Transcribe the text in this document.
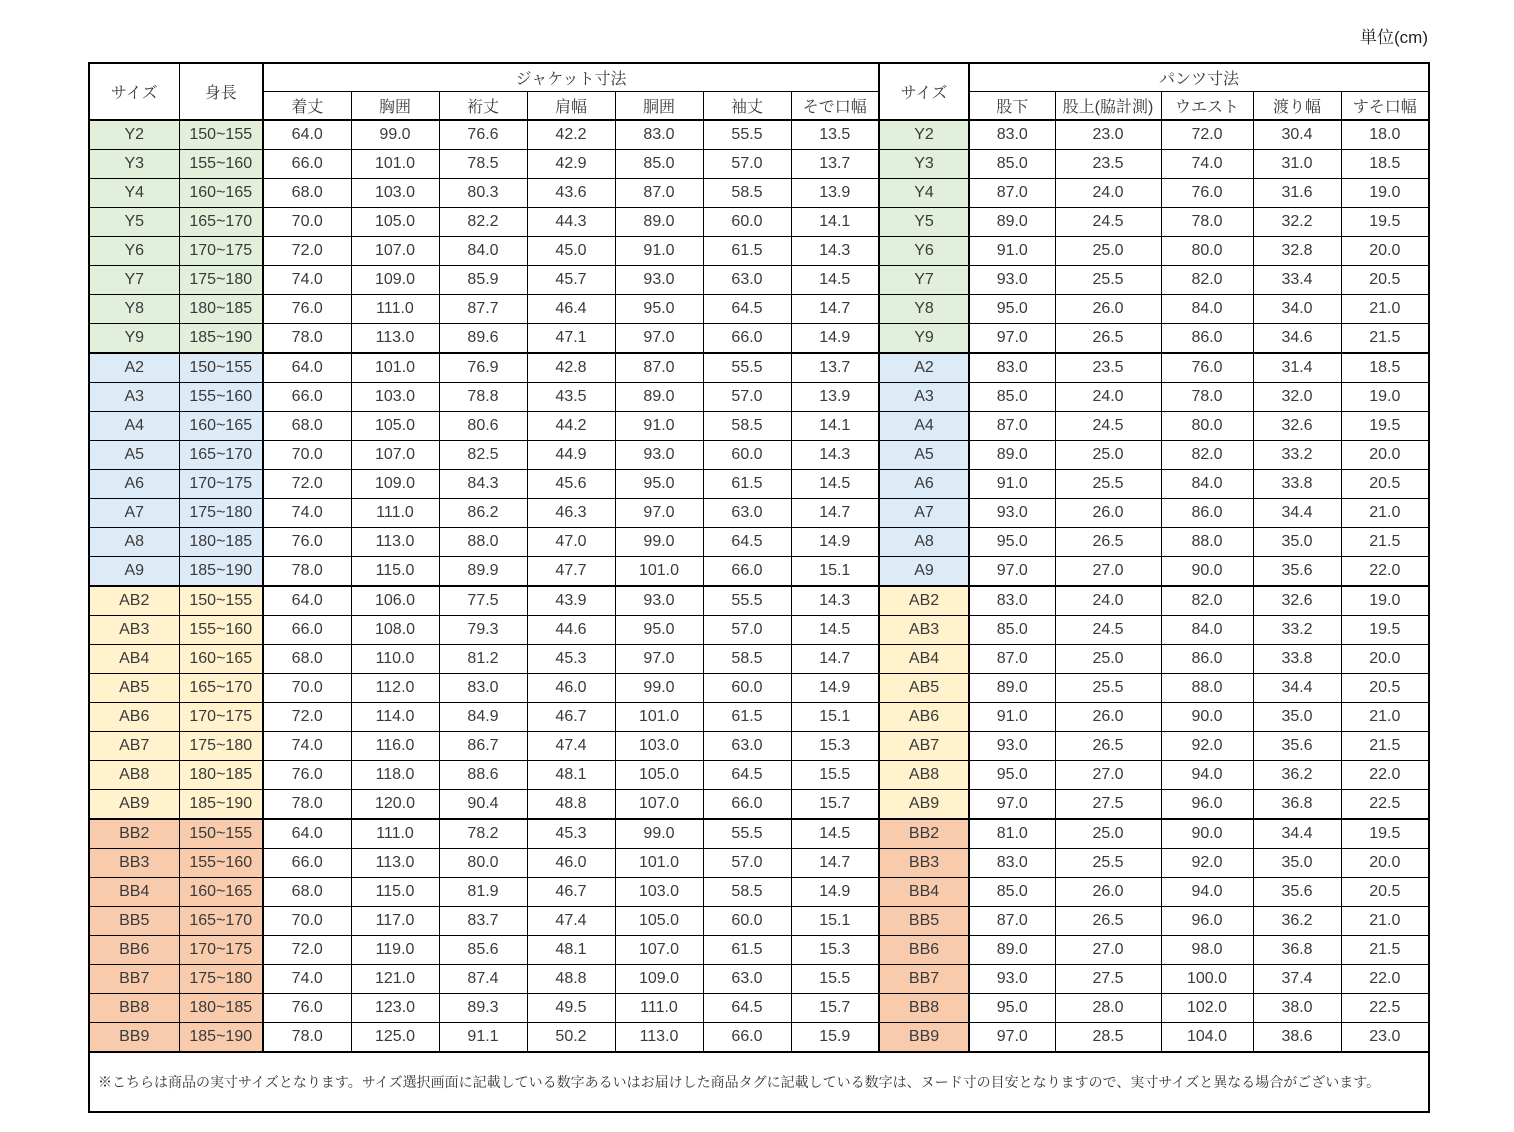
単位(cm)
サイズ	身長	ジャケット寸法							サイズ	パンツ寸法				
		着丈	胸囲	裄丈	肩幅	胴囲	袖丈	そで口幅		股下	股上(脇計測)	ウエスト	渡り幅	すそ口幅
Y2	150~155	64.0	99.0	76.6	42.2	83.0	55.5	13.5	Y2	83.0	23.0	72.0	30.4	18.0
Y3	155~160	66.0	101.0	78.5	42.9	85.0	57.0	13.7	Y3	85.0	23.5	74.0	31.0	18.5
Y4	160~165	68.0	103.0	80.3	43.6	87.0	58.5	13.9	Y4	87.0	24.0	76.0	31.6	19.0
Y5	165~170	70.0	105.0	82.2	44.3	89.0	60.0	14.1	Y5	89.0	24.5	78.0	32.2	19.5
Y6	170~175	72.0	107.0	84.0	45.0	91.0	61.5	14.3	Y6	91.0	25.0	80.0	32.8	20.0
Y7	175~180	74.0	109.0	85.9	45.7	93.0	63.0	14.5	Y7	93.0	25.5	82.0	33.4	20.5
Y8	180~185	76.0	111.0	87.7	46.4	95.0	64.5	14.7	Y8	95.0	26.0	84.0	34.0	21.0
Y9	185~190	78.0	113.0	89.6	47.1	97.0	66.0	14.9	Y9	97.0	26.5	86.0	34.6	21.5
A2	150~155	64.0	101.0	76.9	42.8	87.0	55.5	13.7	A2	83.0	23.5	76.0	31.4	18.5
A3	155~160	66.0	103.0	78.8	43.5	89.0	57.0	13.9	A3	85.0	24.0	78.0	32.0	19.0
A4	160~165	68.0	105.0	80.6	44.2	91.0	58.5	14.1	A4	87.0	24.5	80.0	32.6	19.5
A5	165~170	70.0	107.0	82.5	44.9	93.0	60.0	14.3	A5	89.0	25.0	82.0	33.2	20.0
A6	170~175	72.0	109.0	84.3	45.6	95.0	61.5	14.5	A6	91.0	25.5	84.0	33.8	20.5
A7	175~180	74.0	111.0	86.2	46.3	97.0	63.0	14.7	A7	93.0	26.0	86.0	34.4	21.0
A8	180~185	76.0	113.0	88.0	47.0	99.0	64.5	14.9	A8	95.0	26.5	88.0	35.0	21.5
A9	185~190	78.0	115.0	89.9	47.7	101.0	66.0	15.1	A9	97.0	27.0	90.0	35.6	22.0
AB2	150~155	64.0	106.0	77.5	43.9	93.0	55.5	14.3	AB2	83.0	24.0	82.0	32.6	19.0
AB3	155~160	66.0	108.0	79.3	44.6	95.0	57.0	14.5	AB3	85.0	24.5	84.0	33.2	19.5
AB4	160~165	68.0	110.0	81.2	45.3	97.0	58.5	14.7	AB4	87.0	25.0	86.0	33.8	20.0
AB5	165~170	70.0	112.0	83.0	46.0	99.0	60.0	14.9	AB5	89.0	25.5	88.0	34.4	20.5
AB6	170~175	72.0	114.0	84.9	46.7	101.0	61.5	15.1	AB6	91.0	26.0	90.0	35.0	21.0
AB7	175~180	74.0	116.0	86.7	47.4	103.0	63.0	15.3	AB7	93.0	26.5	92.0	35.6	21.5
AB8	180~185	76.0	118.0	88.6	48.1	105.0	64.5	15.5	AB8	95.0	27.0	94.0	36.2	22.0
AB9	185~190	78.0	120.0	90.4	48.8	107.0	66.0	15.7	AB9	97.0	27.5	96.0	36.8	22.5
BB2	150~155	64.0	111.0	78.2	45.3	99.0	55.5	14.5	BB2	81.0	25.0	90.0	34.4	19.5
BB3	155~160	66.0	113.0	80.0	46.0	101.0	57.0	14.7	BB3	83.0	25.5	92.0	35.0	20.0
BB4	160~165	68.0	115.0	81.9	46.7	103.0	58.5	14.9	BB4	85.0	26.0	94.0	35.6	20.5
BB5	165~170	70.0	117.0	83.7	47.4	105.0	60.0	15.1	BB5	87.0	26.5	96.0	36.2	21.0
BB6	170~175	72.0	119.0	85.6	48.1	107.0	61.5	15.3	BB6	89.0	27.0	98.0	36.8	21.5
BB7	175~180	74.0	121.0	87.4	48.8	109.0	63.0	15.5	BB7	93.0	27.5	100.0	37.4	22.0
BB8	180~185	76.0	123.0	89.3	49.5	111.0	64.5	15.7	BB8	95.0	28.0	102.0	38.0	22.5
BB9	185~190	78.0	125.0	91.1	50.2	113.0	66.0	15.9	BB9	97.0	28.5	104.0	38.6	23.0
※こちらは商品の実寸サイズとなります。サイズ選択画面に記載している数字あるいはお届けした商品タグに記載している数字は、ヌード寸の目安となりますので、実寸サイズと異なる場合がございます。														
